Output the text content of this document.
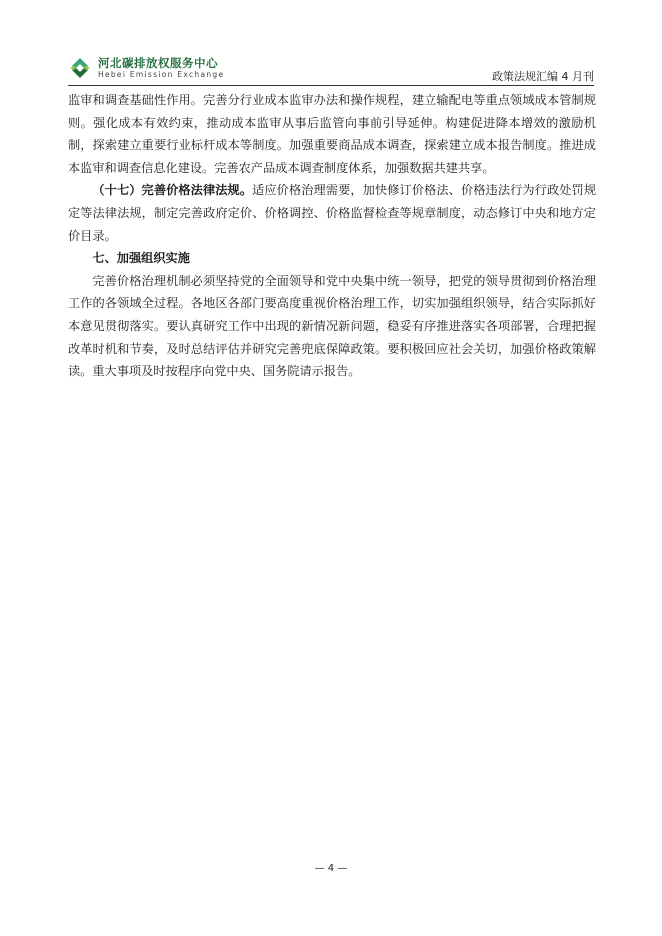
河北碳排放权服务中心
Hebei Emission Exchange	政策法规汇编 4 月刊

监审和调查基础性作用。完善分行业成本监审办法和操作规程，建立输配电等重点领域成本管制规则。强化成本有效约束，推动成本监审从事后监管向事前引导延伸。构建促进降本增效的激励机制，探索建立重要行业标杆成本等制度。加强重要商品成本调查，探索建立成本报告制度。推进成本监审和调查信息化建设。完善农产品成本调查制度体系，加强数据共建共享。

（十七）完善价格法律法规。适应价格治理需要，加快修订价格法、价格违法行为行政处罚规定等法律法规，制定完善政府定价、价格调控、价格监督检查等规章制度，动态修订中央和地方定价目录。

七、加强组织实施

完善价格治理机制必须坚持党的全面领导和党中央集中统一领导，把党的领导贯彻到价格治理工作的各领域全过程。各地区各部门要高度重视价格治理工作，切实加强组织领导，结合实际抓好本意见贯彻落实。要认真研究工作中出现的新情况新问题，稳妥有序推进落实各项部署，合理把握改革时机和节奏，及时总结评估并研究完善兜底保障政策。要积极回应社会关切，加强价格政策解读。重大事项及时按程序向党中央、国务院请示报告。

— 4 —
